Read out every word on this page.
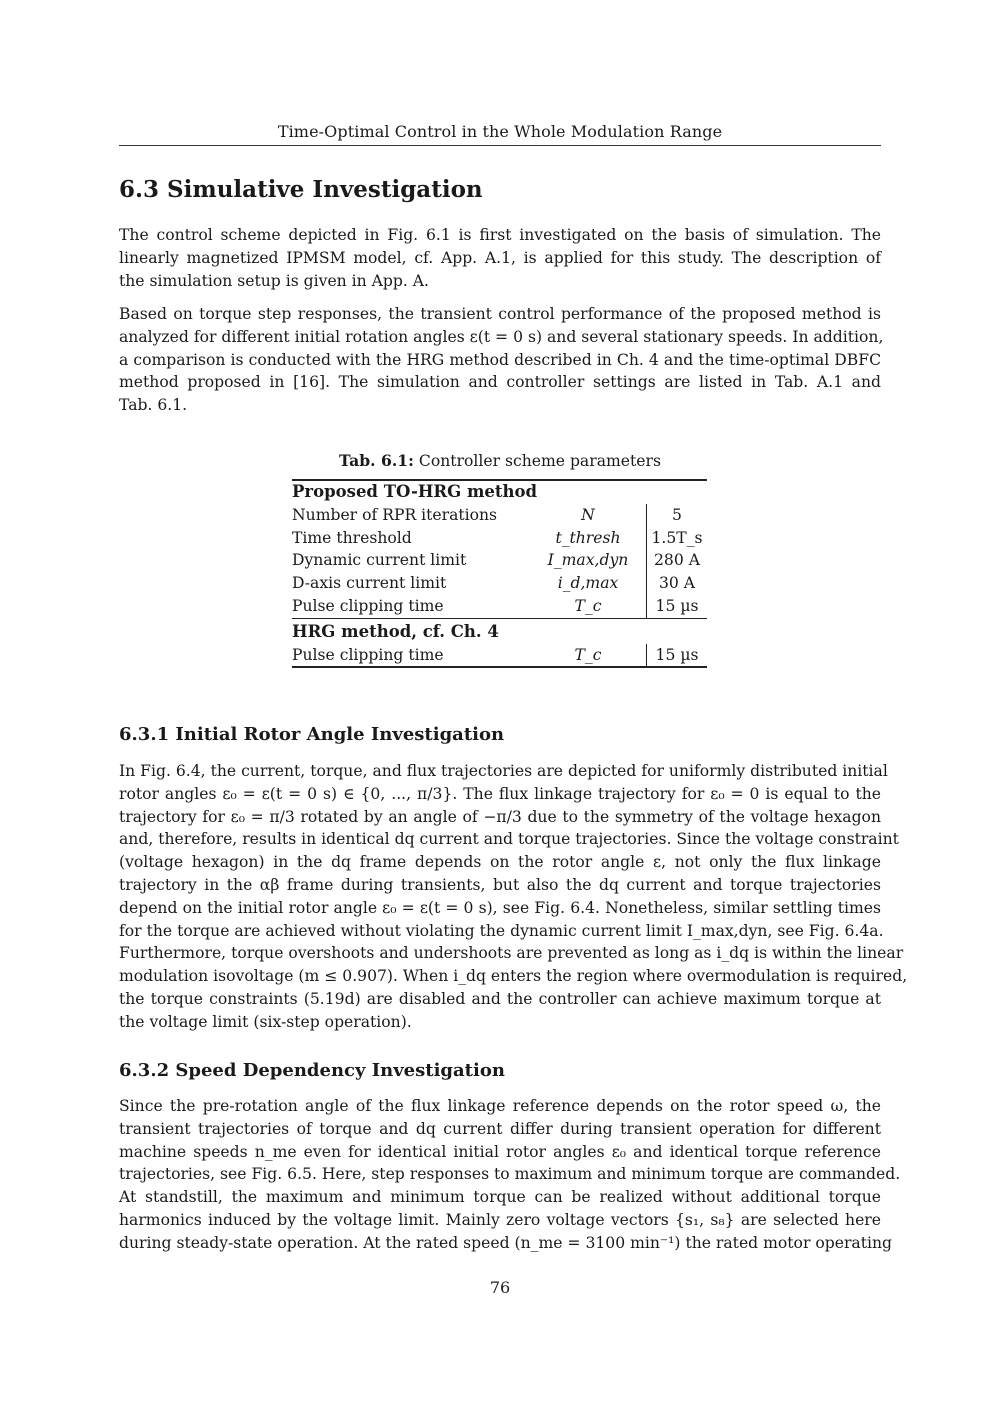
Time-Optimal Control in the Whole Modulation Range
6.3 Simulative Investigation
The control scheme depicted in Fig. 6.1 is first investigated on the basis of simulation. The
linearly magnetized IPMSM model, cf. App. A.1, is applied for this study. The description of
the simulation setup is given in App. A.
Based on torque step responses, the transient control performance of the proposed method is
analyzed for different initial rotation angles ε(t = 0 s) and several stationary speeds. In addition,
a comparison is conducted with the HRG method described in Ch. 4 and the time-optimal DBFC
method proposed in [16]. The simulation and controller settings are listed in Tab. A.1 and
Tab. 6.1.
Tab. 6.1: Controller scheme parameters
Proposed TO-HRG method		
Number of RPR iterations	N	5
Time threshold	t_thresh	1.5T_s
Dynamic current limit	I_max,dyn	280 A
D-axis current limit	i_d,max	30 A
Pulse clipping time	T_c	15 µs
HRG method, cf. Ch. 4		
Pulse clipping time	T_c	15 µs
6.3.1 Initial Rotor Angle Investigation
In Fig. 6.4, the current, torque, and flux trajectories are depicted for uniformly distributed initial
rotor angles ε₀ = ε(t = 0 s) ∈ {0, ..., π/3}. The flux linkage trajectory for ε₀ = 0 is equal to the
trajectory for ε₀ = π/3 rotated by an angle of −π/3 due to the symmetry of the voltage hexagon
and, therefore, results in identical dq current and torque trajectories. Since the voltage constraint
(voltage hexagon) in the dq frame depends on the rotor angle ε, not only the flux linkage
trajectory in the αβ frame during transients, but also the dq current and torque trajectories
depend on the initial rotor angle ε₀ = ε(t = 0 s), see Fig. 6.4. Nonetheless, similar settling times
for the torque are achieved without violating the dynamic current limit I_max,dyn, see Fig. 6.4a.
Furthermore, torque overshoots and undershoots are prevented as long as i_dq is within the linear
modulation isovoltage (m ≤ 0.907). When i_dq enters the region where overmodulation is required,
the torque constraints (5.19d) are disabled and the controller can achieve maximum torque at
the voltage limit (six-step operation).
6.3.2 Speed Dependency Investigation
Since the pre-rotation angle of the flux linkage reference depends on the rotor speed ω, the
transient trajectories of torque and dq current differ during transient operation for different
machine speeds n_me even for identical initial rotor angles ε₀ and identical torque reference
trajectories, see Fig. 6.5. Here, step responses to maximum and minimum torque are commanded.
At standstill, the maximum and minimum torque can be realized without additional torque
harmonics induced by the voltage limit. Mainly zero voltage vectors {s₁, s₈} are selected here
during steady-state operation. At the rated speed (n_me = 3100 min⁻¹) the rated motor operating
76
